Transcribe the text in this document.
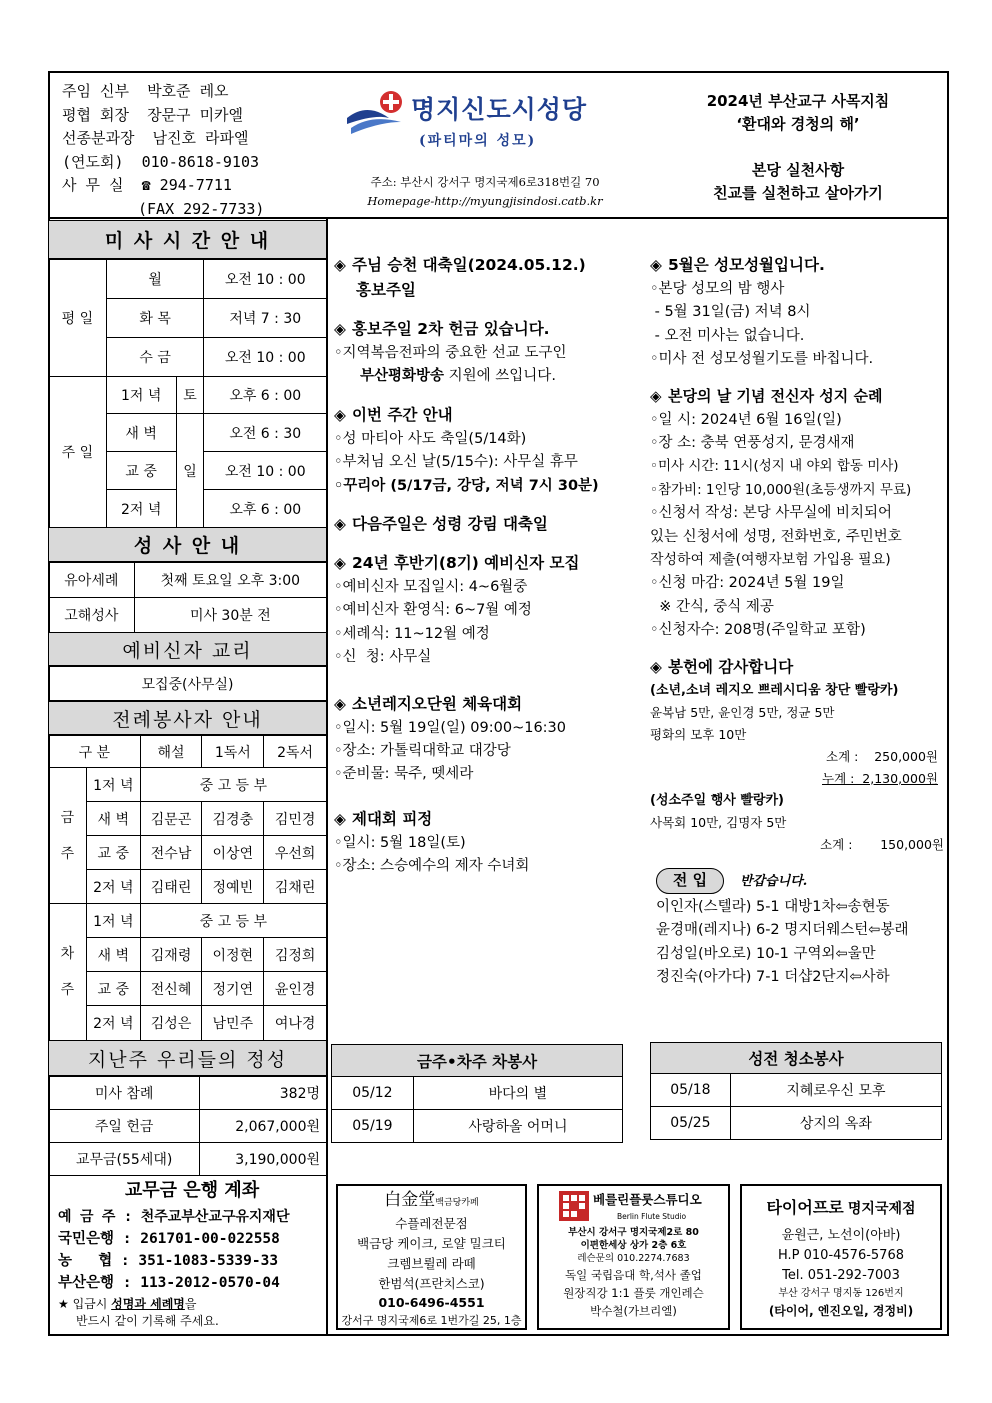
주임 신부 박호준 레오
평협 회장 장문구 미카엘
선종분과장 남진호 라파엘
(연도회) 010-8618-9103
사 무 실 ☎ 294-7711
(FAX 292-7733)
명지신도시성당
(파티마의 성모)
주소: 부산시 강서구 명지국제6로318번길 70
Homepage-http://myungjisindosi.catb.kr
2024년 부산교구 사목지침
‘환대와 경청의 해’
본당 실천사항
친교를 실천하고 살아가기
미 사 시 간 안 내
평 일	월		오전 10 : 00
	화 목		저녁 7 : 30
	수 금		오전 10 : 00
주 일	1저 녁	토	오후 6 : 00
	새 벽	일	오전 6 : 30
	교 중		오전 10 : 00
	2저 녁		오후 6 : 00
성 사 안 내
유아세례	첫째 토요일 오후 3:00
고해성사	미사 30분 전
예비신자 교리
모집중(사무실)
전례봉사자 안내
구 분		해설	1독서	2독서
금

주	1저 녁	중 고 등 부		
	새 벽	김문곤	김경충	김민경
	교 중	전수남	이상연	우선희
	2저 녁	김태린	정예빈	김채린
차

주	1저 녁	중 고 등 부		
	새 벽	김재령	이정현	김정희
	교 중	전신혜	정기연	윤인경
	2저 녁	김성은	남민주	여나경
지난주 우리들의 정성
미사 참례	382명
주일 헌금	2,067,000원
교무금(55세대)	3,190,000원
교무금 은행 계좌
예 금 주 : 천주교부산교구유지재단
국민은행 : 261701-00-022558
농   협 : 351-1083-5339-33
부산은행 : 113-2012-0570-04
★ 입금시 성명과 세례명을
반드시 같이 기록해 주세요.
◈ 주님 승천 대축일(2024.05.12.)
홍보주일
◈ 홍보주일 2차 헌금 있습니다.
◦지역복음전파의 중요한 선교 도구인
부산평화방송 지원에 쓰입니다.
◈ 이번 주간 안내
◦성 마티아 사도 축일(5/14화)
◦부처님 오신 날(5/15수): 사무실 휴무
◦꾸리아 (5/17금, 강당, 저녁 7시 30분)
◈ 다음주일은 성령 강림 대축일
◈ 24년 후반기(8기) 예비신자 모집
◦예비신자 모집일시: 4~6월중
◦예비신자 환영식: 6~7월 예정
◦세례식: 11~12월 예정
◦신  청: 사무실
◈ 소년레지오단원 체육대회
◦일시: 5월 19일(일) 09:00~16:30
◦장소: 가톨릭대학교 대강당
◦준비물: 묵주, 뗏세라
◈ 제대회 피정
◦일시: 5월 18일(토)
◦장소: 스승예수의 제자 수녀회
◈ 5월은 성모성월입니다.
◦본당 성모의 밤 행사
- 5월 31일(금) 저녁 8시
- 오전 미사는 없습니다.
◦미사 전 성모성월기도를 바칩니다.
◈ 본당의 날 기념 전신자 성지 순례
◦일 시: 2024년 6월 16일(일)
◦장 소: 충북 연풍성지, 문경새재
◦미사 시간: 11시(성지 내 야외 합동 미사)
◦참가비: 1인당 10,000원(초등생까지 무료)
◦신청서 작성: 본당 사무실에 비치되어
있는 신청서에 성명, 전화번호, 주민번호
작성하여 제출(여행자보험 가입용 필요)
◦신청 마감: 2024년 5월 19일
※ 간식, 중식 제공
◦신청자수: 208명(주일학교 포함)
◈ 봉헌에 감사합니다
(소년,소녀 레지오 쁘레시디움 창단 빨랑카)
윤복남 5만, 윤인경 5만, 정균 5만
평화의 모후 10만
소계 :    250,000원
누계 :  2,130,000원
(성소주일 행사 빨랑카)
사목회 10만, 김명자 5만
소계 :       150,000원
전 입	반갑습니다.
이인자(스텔라) 5-1 대방1차⇦송현동
윤경매(레지나) 6-2 명지더웨스턴⇦봉래
김성일(바오로) 10-1 구역외⇦울만
정진숙(아가다) 7-1 더샵2단지⇦사하
금주•차주 차봉사	
05/12	바다의 별
05/19	사랑하올 어머니
성전 청소봉사	
05/18	지혜로우신 모후
05/25	상지의 옥좌
白金堂백금당카페
수플레전문점
백금당 케이크, 로얄 밀크티
크렘브륄레 라떼
한범석(프란치스코)
010-6496-4551
강서구 명지국제6로 1번가길 25, 1층
베를린플룻스튜디오
Berlin Flute Studio
부산시 강서구 명지국제2로 80
이편한세상 상가 2층 6호
레슨문의 010.2274.7683
독일 국립음대 학,석사 졸업
원장직강 1:1 플룻 개인레슨
박수철(가브리엘)
타이어프로 명지국제점
윤원근, 노선이(아바)
H.P 010-4576-5768
Tel. 051-292-7003
부산 강서구 명지동 126번지
(타이어, 엔진오일, 경정비)
